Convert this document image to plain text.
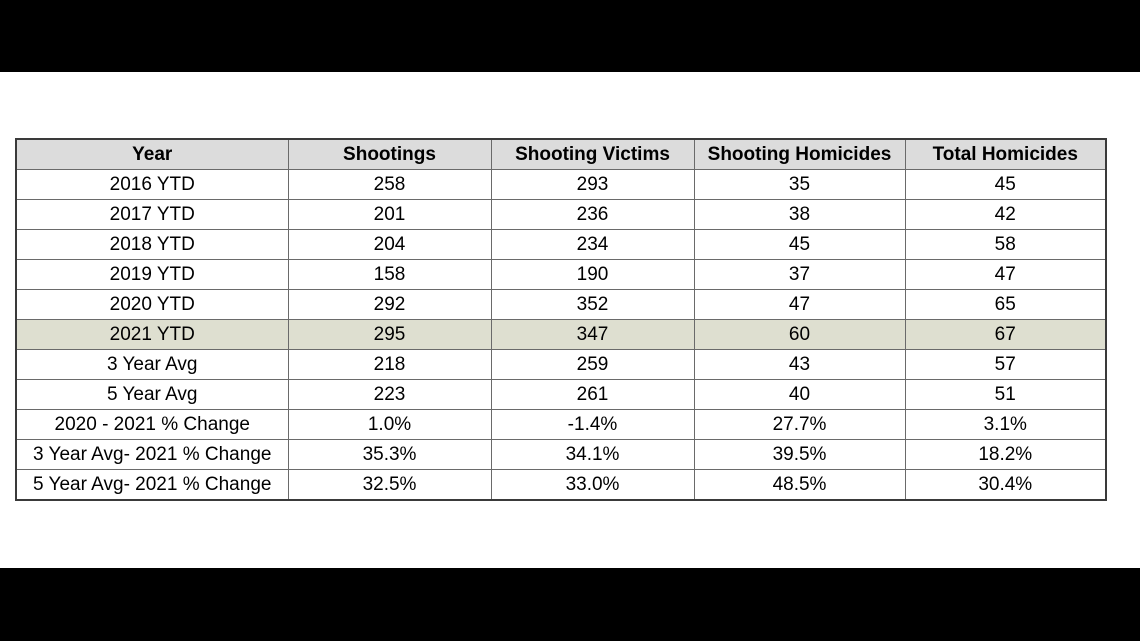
Year	Shootings	Shooting Victims	Shooting Homicides	Total Homicides
2016 YTD	258	293	35	45
2017 YTD	201	236	38	42
2018 YTD	204	234	45	58
2019 YTD	158	190	37	47
2020 YTD	292	352	47	65
2021 YTD	295	347	60	67
3 Year Avg	218	259	43	57
5 Year Avg	223	261	40	51
2020 - 2021 % Change	1.0%	-1.4%	27.7%	3.1%
3 Year Avg- 2021 % Change	35.3%	34.1%	39.5%	18.2%
5 Year Avg- 2021 % Change	32.5%	33.0%	48.5%	30.4%
